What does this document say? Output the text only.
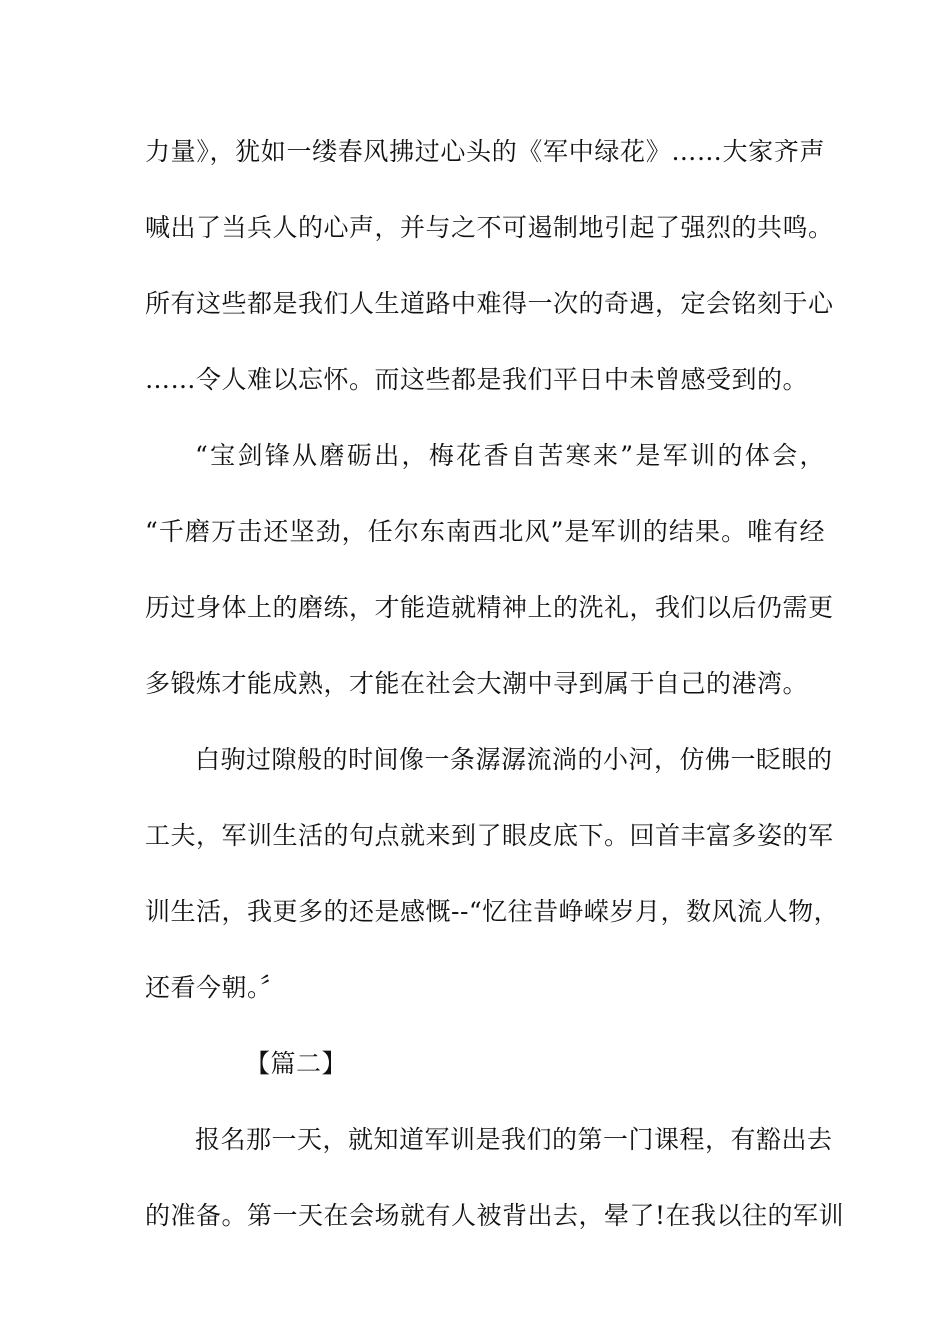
力量》，犹如一缕春风拂过心头的《军中绿花》……大家齐声
喊出了当兵人的心声，并与之不可遏制地引起了强烈的共鸣。
所有这些都是我们人生道路中难得一次的奇遇，定会铭刻于心
……令人难以忘怀。而这些都是我们平日中未曾感受到的。
“宝剑锋从磨砺出，梅花香自苦寒来”是军训的体会，
“千磨万击还坚劲，任尔东南西北风”是军训的结果。唯有经
历过身体上的磨练，才能造就精神上的洗礼，我们以后仍需更
多锻炼才能成熟，才能在社会大潮中寻到属于自己的港湾。
白驹过隙般的时间像一条潺潺流淌的小河，仿佛一眨眼的
工夫，军训生活的句点就来到了眼皮底下。回首丰富多姿的军
训生活，我更多的还是感慨--“忆往昔峥嵘岁月，数风流人物，
还看今朝。〞
【篇二】
报名那一天，就知道军训是我们的第一门课程，有豁出去
的准备。第一天在会场就有人被背出去，晕了!在我以往的军训
